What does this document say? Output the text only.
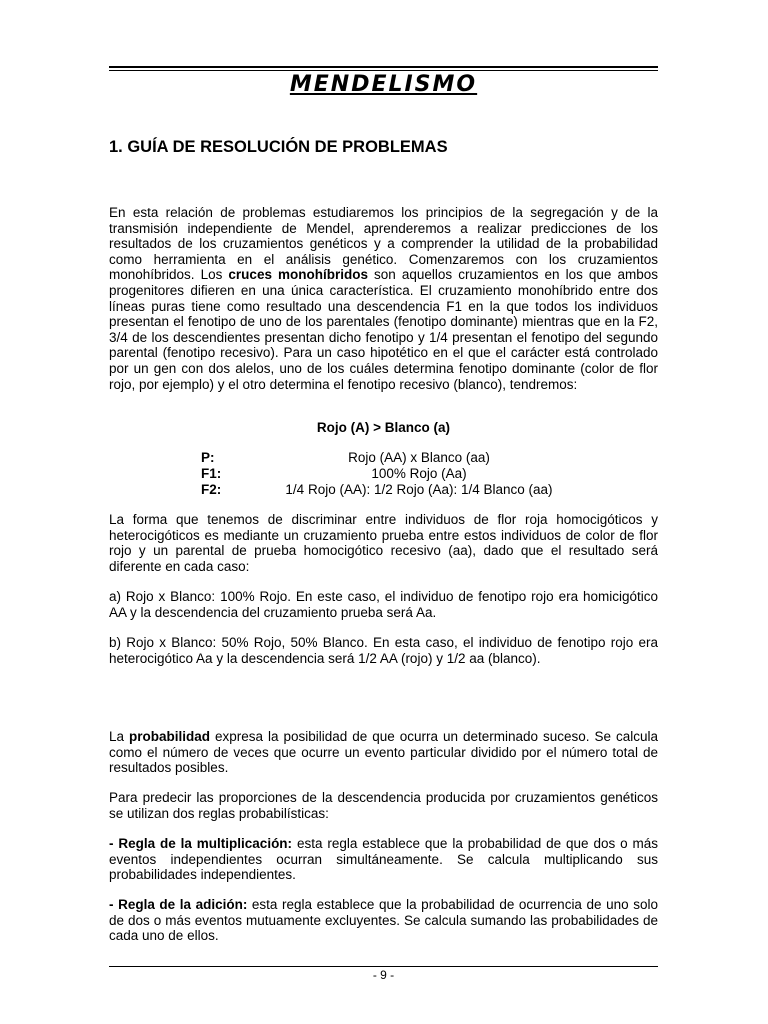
MENDELISMO
1. GUÍA DE RESOLUCIÓN DE PROBLEMAS

En esta relación de problemas estudiaremos los principios de la segregación y de la transmisión independiente de Mendel, aprenderemos a realizar predicciones de los resultados de los cruzamientos genéticos y a comprender la utilidad de la probabilidad como herramienta en el análisis genético. Comenzaremos con los cruzamientos monohíbridos. Los cruces monohíbridos son aquellos cruzamientos en los que ambos progenitores difieren en una única característica. El cruzamiento monohíbrido entre dos líneas puras tiene como resultado una descendencia F1 en la que todos los individuos presentan el fenotipo de uno de los parentales (fenotipo dominante) mientras que en la F2, 3/4 de los descendientes presentan dicho fenotipo y 1/4 presentan el fenotipo del segundo parental (fenotipo recesivo). Para un caso hipotético en el que el carácter está controlado por un gen con dos alelos, uno de los cuáles determina fenotipo dominante (color de flor rojo, por ejemplo) y el otro determina el fenotipo recesivo (blanco), tendremos:

Rojo (A) > Blanco (a)
P:	Rojo (AA) x Blanco (aa)
F1:	100% Rojo (Aa)
F2:	1/4 Rojo (AA): 1/2 Rojo (Aa): 1/4 Blanco (aa)

La forma que tenemos de discriminar entre individuos de flor roja homocigóticos y heterocigóticos es mediante un cruzamiento prueba entre estos individuos de color de flor rojo y un parental de prueba homocigótico recesivo (aa), dado que el resultado será diferente en cada caso:

a) Rojo x Blanco: 100% Rojo. En este caso, el individuo de fenotipo rojo era homicigótico AA y la descendencia del cruzamiento prueba será Aa.

b) Rojo x Blanco: 50% Rojo, 50% Blanco. En esta caso, el individuo de fenotipo rojo era heterocigótico Aa y la descendencia será 1/2 AA (rojo) y 1/2 aa (blanco).

La probabilidad expresa la posibilidad de que ocurra un determinado suceso. Se calcula como el número de veces que ocurre un evento particular dividido por el número total de resultados posibles.

Para predecir las proporciones de la descendencia producida por cruzamientos genéticos se utilizan dos reglas probabilísticas:

- Regla de la multiplicación: esta regla establece que la probabilidad de que dos o más eventos independientes ocurran simultáneamente. Se calcula multiplicando sus probabilidades independientes.

- Regla de la adición: esta regla establece que la probabilidad de ocurrencia de uno solo de dos o más eventos mutuamente excluyentes. Se calcula sumando las probabilidades de cada uno de ellos.

- 9 -
